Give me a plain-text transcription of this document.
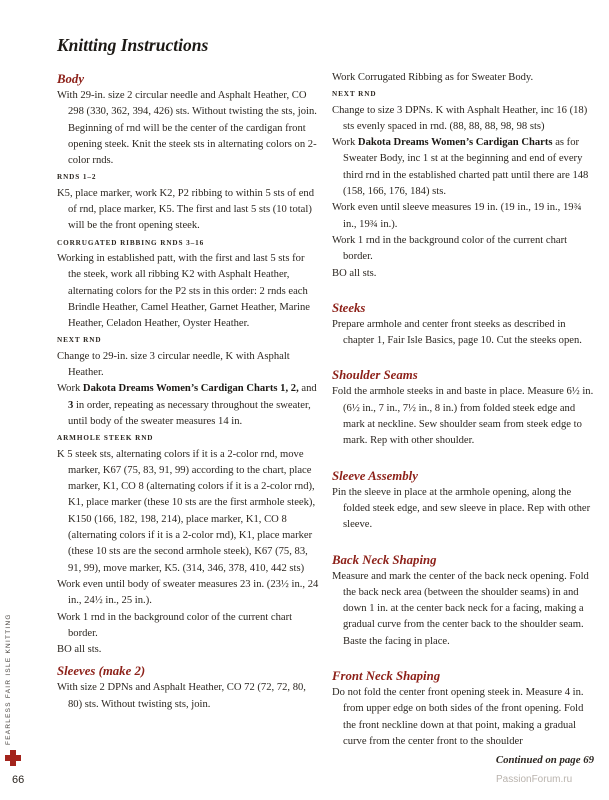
Knitting Instructions
Body

With 29-in. size 2 circular needle and Asphalt Heather, CO 298 (330, 362, 394, 426) sts. Without twisting the sts, join. Beginning of rnd will be the center of the cardigan front opening steek. Knit the steek sts in alternating colors on 2-color rnds.

RNDS 1–2

K5, place marker, work K2, P2 ribbing to within 5 sts of end of rnd, place marker, K5. The first and last 5 sts (10 total) will be the front opening steek.

CORRUGATED RIBBING RNDS 3–16

Working in established patt, with the first and last 5 sts for the steek, work all ribbing K2 with Asphalt Heather, alternating colors for the P2 sts in this order: 2 rnds each Brindle Heather, Camel Heather, Garnet Heather, Marine Heather, Celadon Heather, Oyster Heather.

NEXT RND

Change to 29-in. size 3 circular needle, K with Asphalt Heather.

Work Dakota Dreams Women’s Cardigan Charts 1, 2, and 3 in order, repeating as necessary throughout the sweater, until body of the sweater measures 14 in.

ARMHOLE STEEK RND

K 5 steek sts, alternating colors if it is a 2-color rnd, move marker, K67 (75, 83, 91, 99) according to the chart, place marker, K1, CO 8 (alternating colors if it is a 2-color rnd), K1, place marker (these 10 sts are the first armhole steek), K150 (166, 182, 198, 214), place marker, K1, CO 8 (alternating colors if it is a 2-color rnd), K1, place marker (these 10 sts are the second armhole steek), K67 (75, 83, 91, 99), move marker, K5. (314, 346, 378, 410, 442 sts)

Work even until body of sweater measures 23 in. (23½ in., 24 in., 24½ in., 25 in.).

Work 1 rnd in the background color of the current chart border.

BO all sts.

Sleeves (make 2)

With size 2 DPNs and Asphalt Heather, CO 72 (72, 72, 80, 80) sts. Without twisting sts, join.

Work Corrugated Ribbing as for Sweater Body.

NEXT RND

Change to size 3 DPNs. K with Asphalt Heather, inc 16 (18) sts evenly spaced in rnd. (88, 88, 88, 98, 98 sts)

Work Dakota Dreams Women’s Cardigan Charts as for Sweater Body, inc 1 st at the beginning and end of every third rnd in the established charted patt until there are 148 (158, 166, 176, 184) sts.

Work even until sleeve measures 19 in. (19 in., 19 in., 19¾ in., 19¾ in.).

Work 1 rnd in the background color of the current chart border.

BO all sts.

Steeks

Prepare armhole and center front steeks as described in chapter 1, Fair Isle Basics, page 10. Cut the steeks open.

Shoulder Seams

Fold the armhole steeks in and baste in place. Measure 6½ in. (6½ in., 7 in., 7½ in., 8 in.) from folded steek edge and mark at neckline. Sew shoulder seam from steek edge to mark. Rep with other shoulder.

Sleeve Assembly

Pin the sleeve in place at the armhole opening, along the folded steek edge, and sew sleeve in place. Rep with other sleeve.

Back Neck Shaping

Measure and mark the center of the back neck opening. Fold the back neck area (between the shoulder seams) in and down 1 in. at the center back neck for a facing, making a gradual curve from the center back to the shoulder seam. Baste the facing in place.

Front Neck Shaping

Do not fold the center front opening steek in. Measure 4 in. from upper edge on both sides of the front opening. Fold the front neckline down at that point, making a gradual curve from the center front to the shoulder

Continued on page 69

FEARLESS FAIR ISLE KNITTING
66	PassionForum.ru
